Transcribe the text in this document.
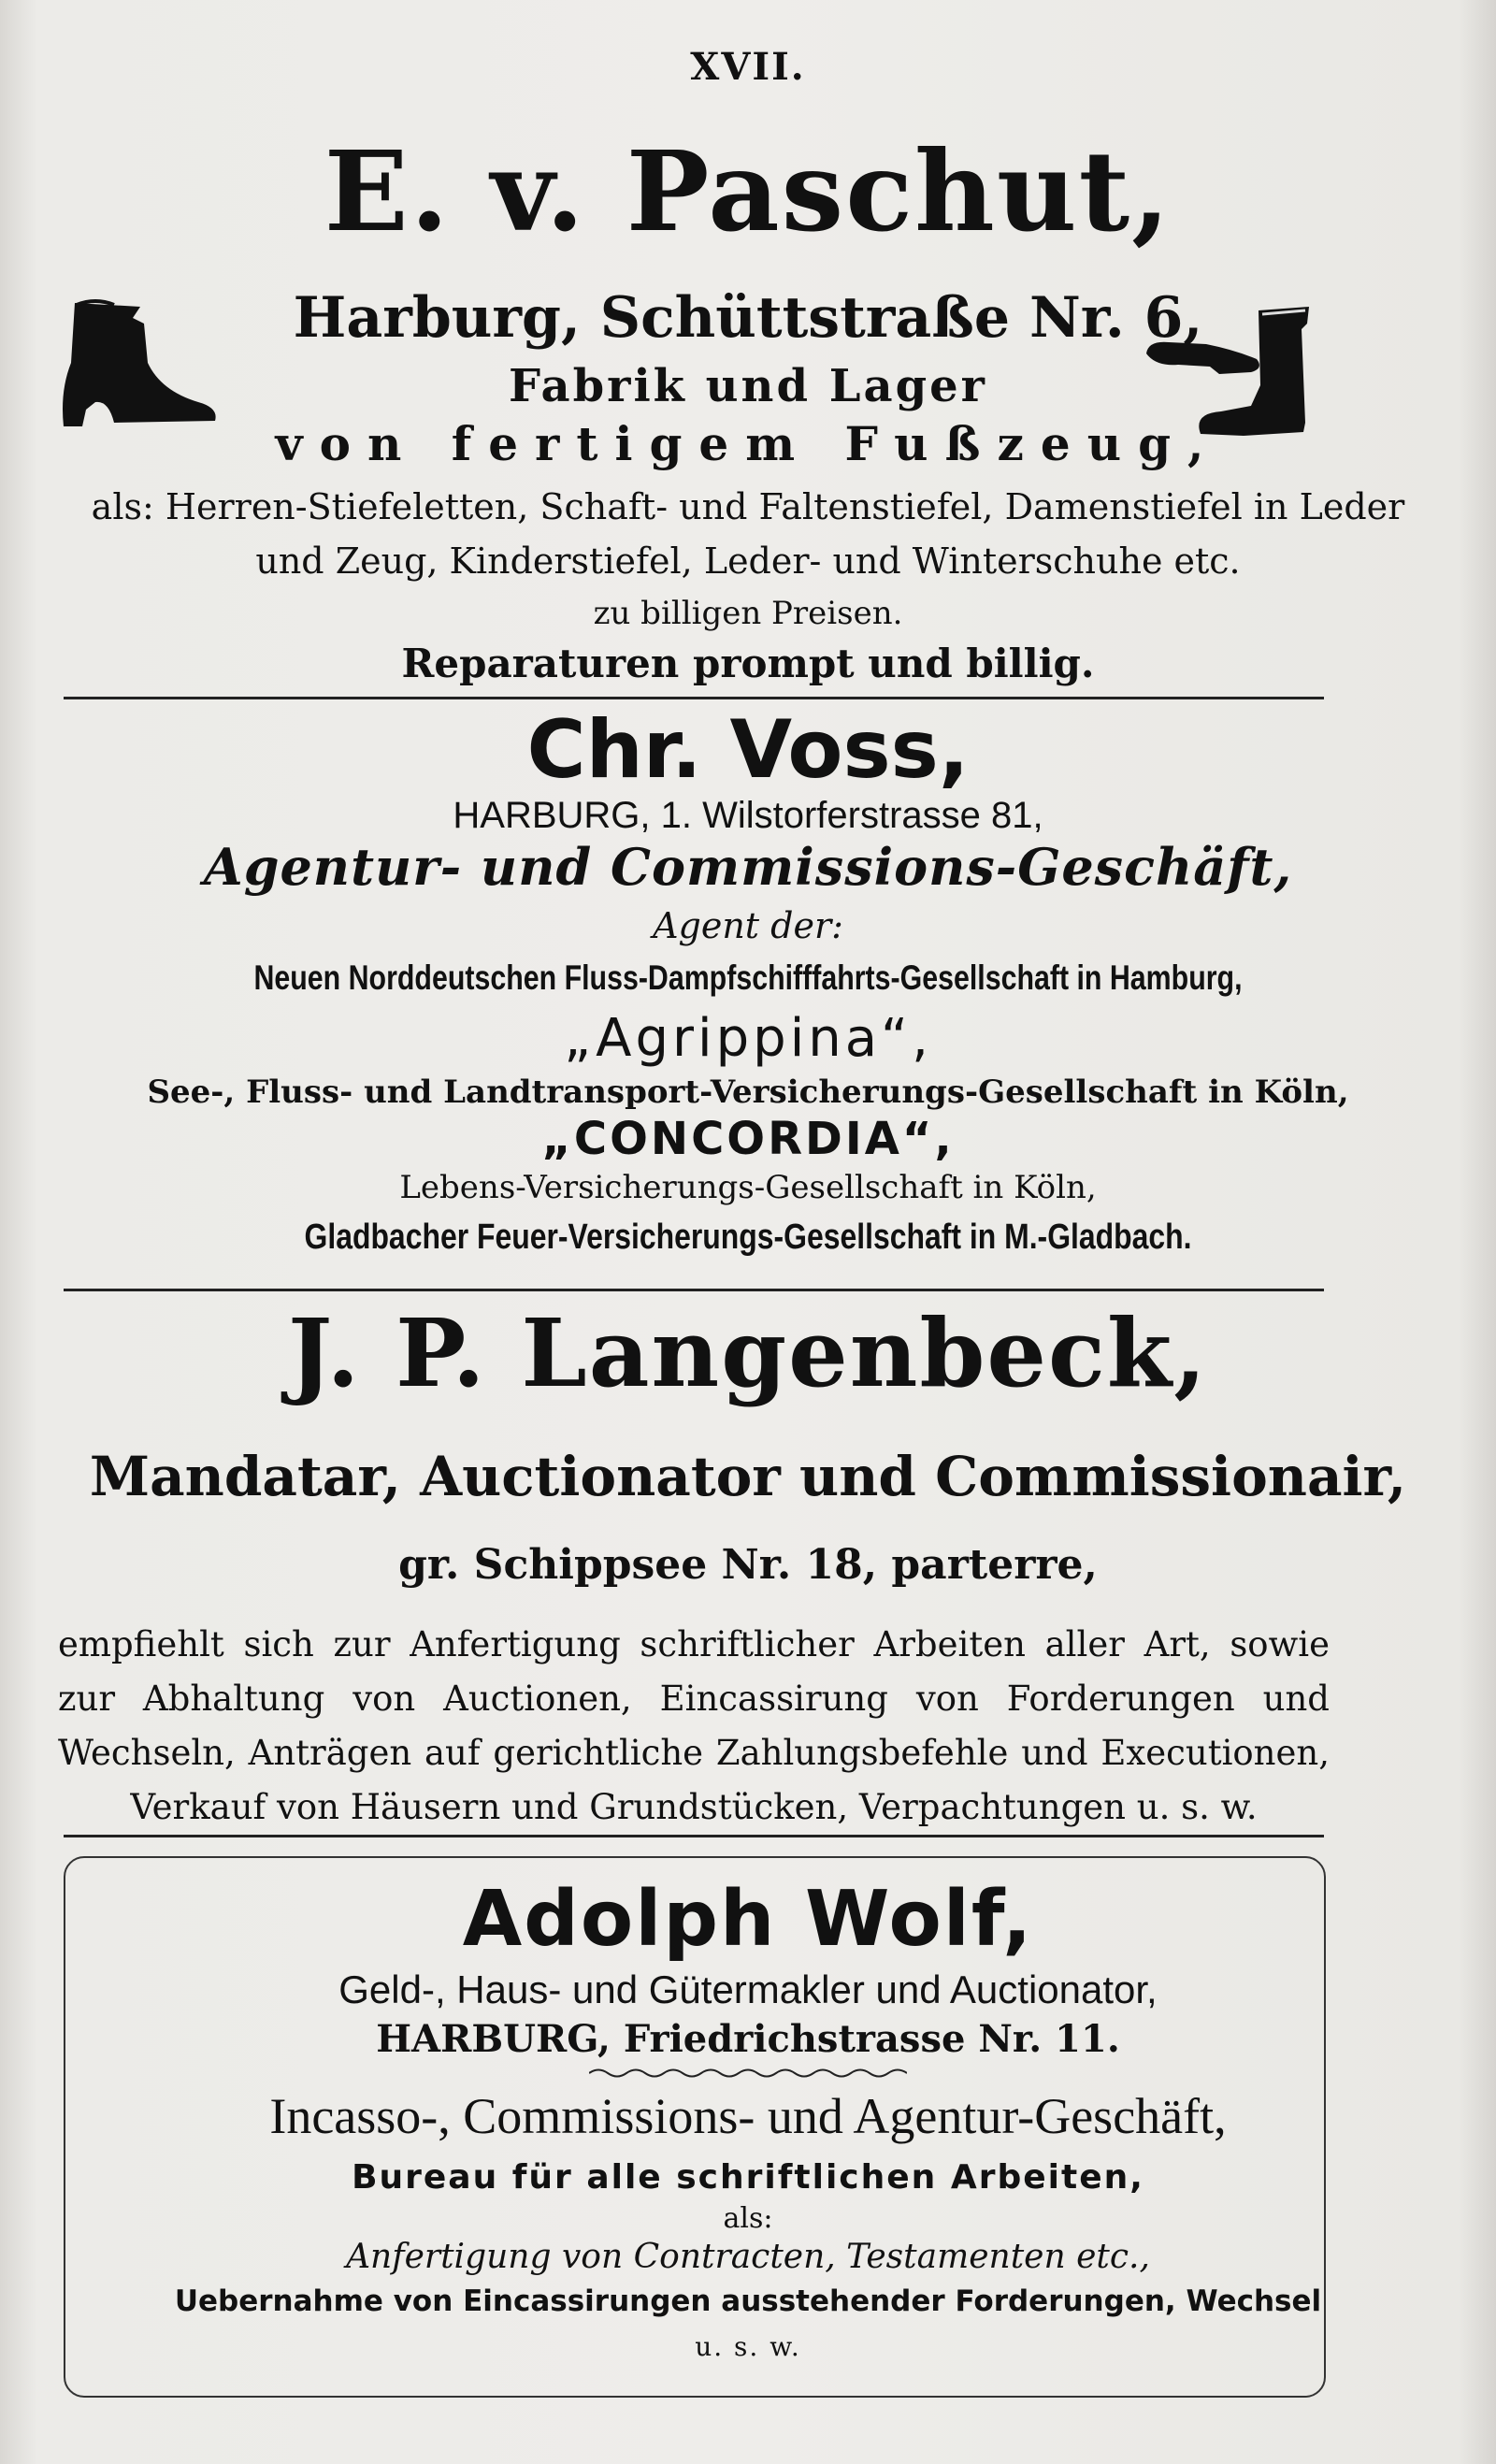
XVII.
E. v. Paschut,
Harburg, Schüttstraße Nr. 6,
Fabrik und Lager
von fertigem Fußzeug,
als: Herren-Stiefeletten, Schaft- und Faltenstiefel, Damenstiefel in Leder
und Zeug, Kinderstiefel, Leder- und Winterschuhe etc.
zu billigen Preisen.
Reparaturen prompt und billig.
Chr. Voss,
HARBURG, 1. Wilstorferstrasse 81,
Agentur- und Commissions-Geschäft,
Agent der:
Neuen Norddeutschen Fluss-Dampfschifffahrts-Gesellschaft in Hamburg,
„Agrippina“,
See-, Fluss- und Landtransport-Versicherungs-Gesellschaft in Köln,
„CONCORDIA“,
Lebens-Versicherungs-Gesellschaft in Köln,
Gladbacher Feuer-Versicherungs-Gesellschaft in M.-Gladbach.
J. P. Langenbeck,
Mandatar, Auctionator und Commissionair,
gr. Schippsee Nr. 18, parterre,
empfiehlt sich zur Anfertigung schriftlicher Arbeiten aller Art, sowie
zur Abhaltung von Auctionen, Eincassirung von Forderungen und
Wechseln, Anträgen auf gerichtliche Zahlungsbefehle und Executionen,
Verkauf von Häusern und Grundstücken, Verpachtungen u. s. w.
Adolph Wolf,
Geld-, Haus- und Gütermakler und Auctionator,
HARBURG, Friedrichstrasse Nr. 11.
Incasso-, Commissions- und Agentur-Geschäft,
Bureau für alle schriftlichen Arbeiten,
als:
Anfertigung von Contracten, Testamenten etc.,
Uebernahme von Eincassirungen ausstehender Forderungen, Wechsel
u. s. w.
